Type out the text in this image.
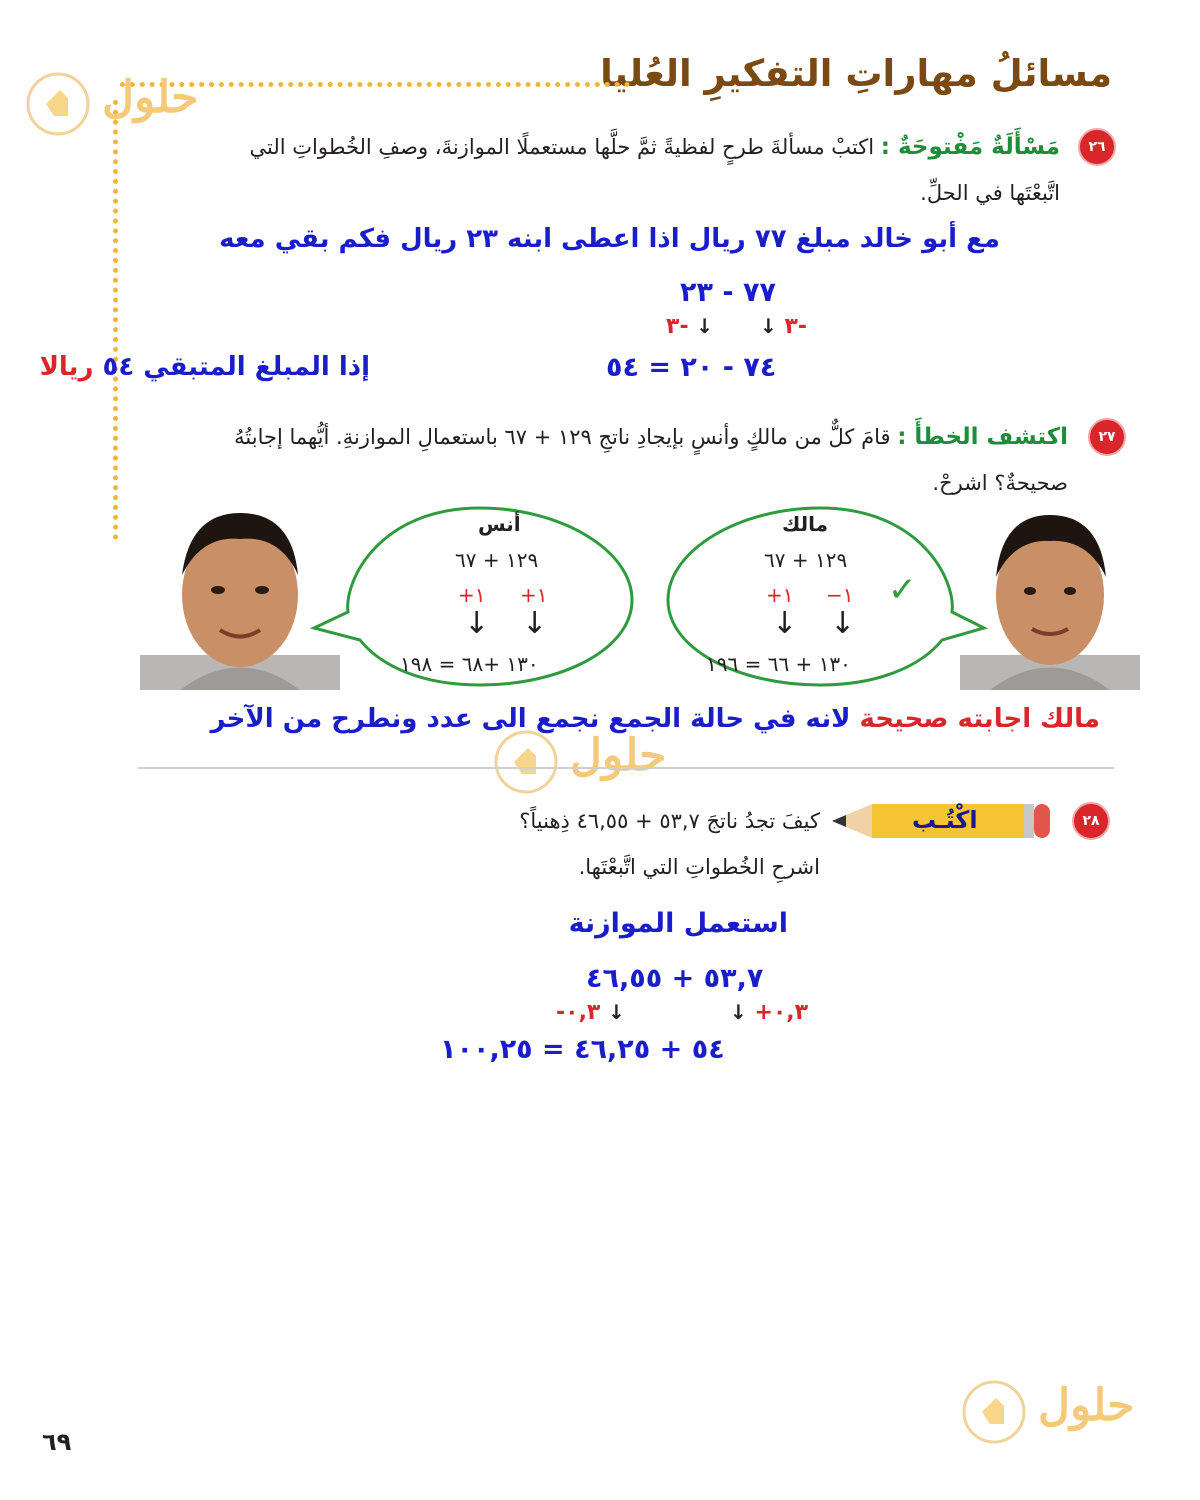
مسائلُ مهاراتِ التفكيرِ العُليا
حلول
حلول
حلول
٢٦
مَسْأَلَةٌ مَفْتوحَةٌ : اكتبْ مسألةَ طرحٍ لفظيةً ثمَّ حلَّها مستعملًا الموازنةَ، وصفِ الخُطواتِ التي
اتَّبعْتَها في الحلِّ.
مع أبو خالد مبلغ ٧٧ ريال اذا اعطى ابنه ٢٣ ريال فكم بقي معه
٧٧ - ٢٣
٣- ↓ ↓ ٣-
٧٤ - ٢٠ = ٥٤
إذا المبلغ المتبقي ٥٤ ريالا
٢٧
اكتشف الخطأَ : قامَ كلٌّ من مالكٍ وأنسٍ بإيجادِ ناتجِ ١٢٩ + ٦٧ باستعمالِ الموازنةِ. أيُّهما إجابتُهُ
صحيحةٌ؟ اشرحْ.
أنس
١٢٩ + ٦٧
+١ +١
↓ ↓
١٣٠ +٦٨ = ١٩٨
مالك
١٢٩ + ٦٧
+١ −١
↓ ↓
١٣٠ + ٦٦ = ١٩٦
✓
مالك اجابته صحيحة لانه في حالة الجمع نجمع الى عدد ونطرح من الآخر
٢٨
اكْتُـب
كيفَ تجدُ ناتجَ ٥٣,٧ + ٤٦,٥٥ ذِهنياً؟
اشرحِ الخُطواتِ التي اتَّبعْتَها.
استعمل الموازنة
٥٣,٧ + ٤٦,٥٥
↓ +٠,٣
-٠,٣ ↓
٥٤ + ٤٦,٢٥ = ١٠٠,٢٥
٦٩
